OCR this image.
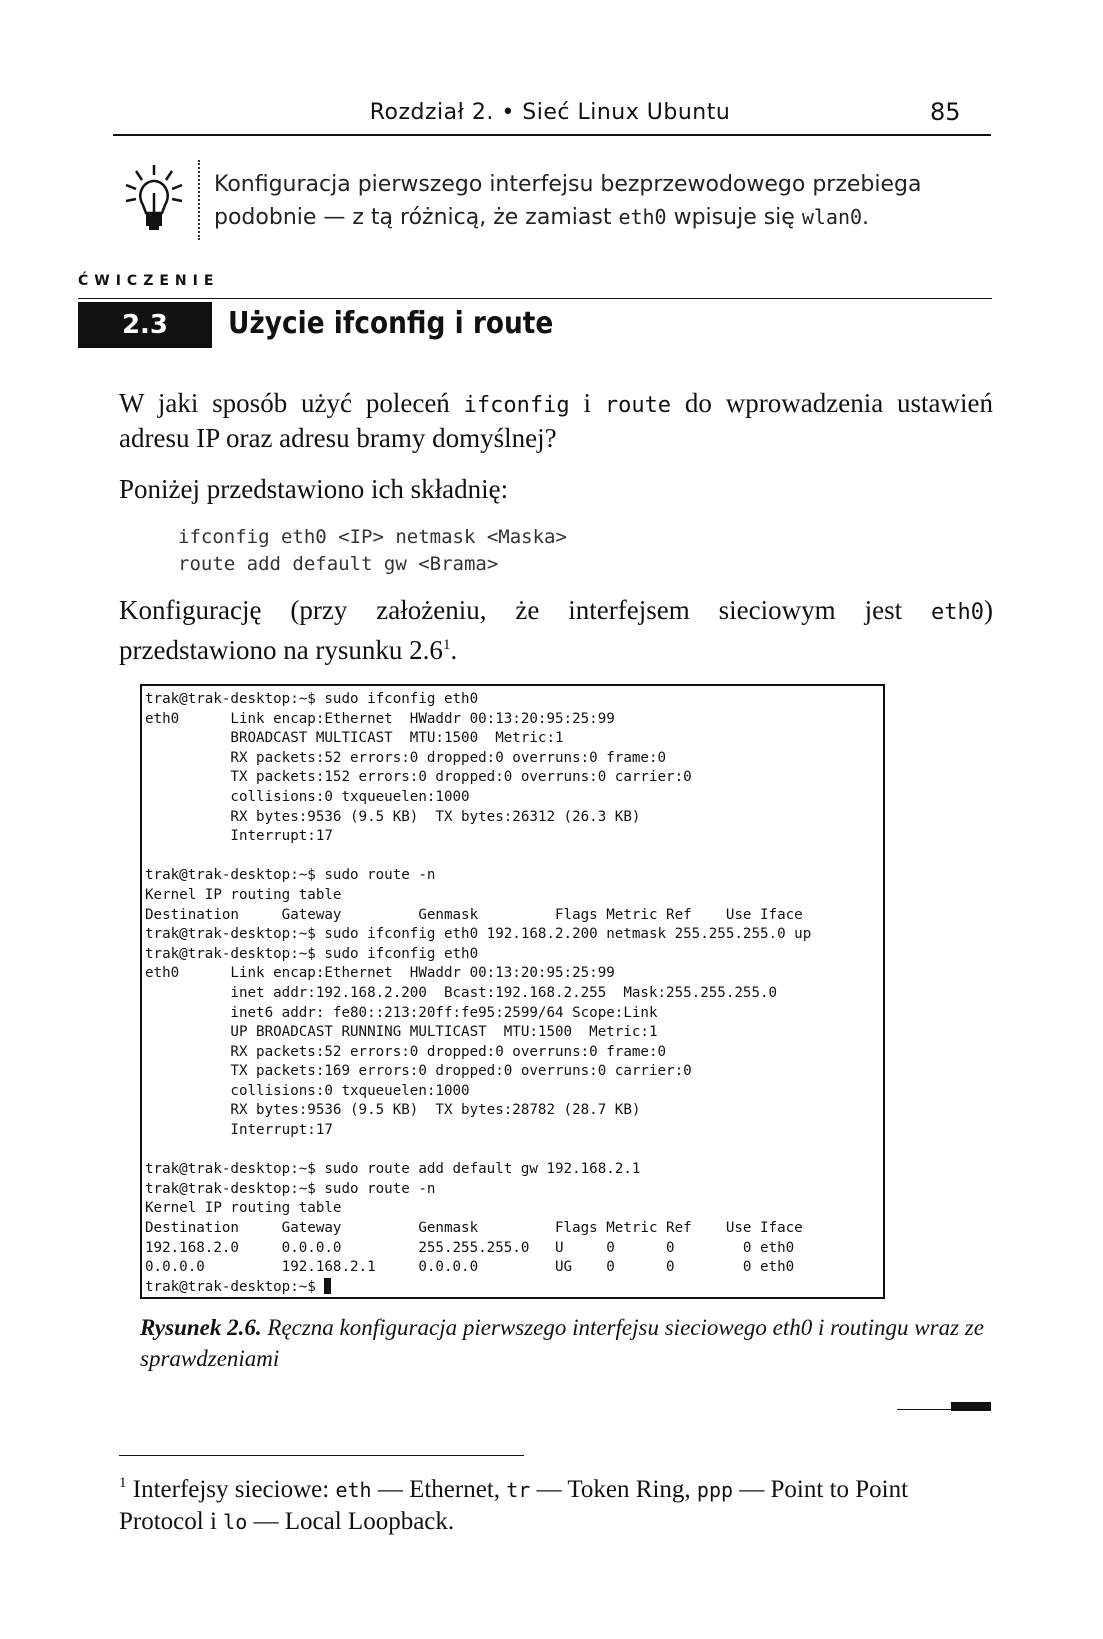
Rozdział 2. • Sieć Linux Ubuntu	85
Konfiguracja pierwszego interfejsu bezprzewodowego przebiega podobnie — z tą różnicą, że zamiast eth0 wpisuje się wlan0.
ĆWICZENIE
2.3	Użycie ifconfig i route
W jaki sposób użyć poleceń ifconfig i route do wprowadzenia ustawień adresu IP oraz adresu bramy domyślnej?
Poniżej przedstawiono ich składnię:
ifconfig eth0 <IP> netmask <Maska>
route add default gw <Brama>
Konfigurację (przy założeniu, że interfejsem sieciowym jest eth0) przedstawiono na rysunku $2.6^1$.
trak@trak-desktop:~$ sudo ifconfig eth0
eth0      Link encap:Ethernet  HWaddr 00:13:20:95:25:99
BROADCAST MULTICAST  MTU:1500  Metric:1
RX packets:52 errors:0 dropped:0 overruns:0 frame:0
TX packets:152 errors:0 dropped:0 overruns:0 carrier:0
collisions:0 txqueuelen:1000
RX bytes:9536 (9.5 KB)  TX bytes:26312 (26.3 KB)
Interrupt:17

trak@trak-desktop:~$ sudo route -n
Kernel IP routing table
Destination     Gateway         Genmask         Flags Metric Ref    Use Iface
trak@trak-desktop:~$ sudo ifconfig eth0 192.168.2.200 netmask 255.255.255.0 up
trak@trak-desktop:~$ sudo ifconfig eth0
eth0      Link encap:Ethernet  HWaddr 00:13:20:95:25:99
inet addr:192.168.2.200  Bcast:192.168.2.255  Mask:255.255.255.0
inet6 addr: fe80::213:20ff:fe95:2599/64 Scope:Link
UP BROADCAST RUNNING MULTICAST  MTU:1500  Metric:1
RX packets:52 errors:0 dropped:0 overruns:0 frame:0
TX packets:169 errors:0 dropped:0 overruns:0 carrier:0
collisions:0 txqueuelen:1000
RX bytes:9536 (9.5 KB)  TX bytes:28782 (28.7 KB)
Interrupt:17

trak@trak-desktop:~$ sudo route add default gw 192.168.2.1
trak@trak-desktop:~$ sudo route -n
Kernel IP routing table
Destination     Gateway         Genmask         Flags Metric Ref    Use Iface
192.168.2.0     0.0.0.0         255.255.255.0   U     0      0        0 eth0
0.0.0.0         192.168.2.1     0.0.0.0         UG    0      0        0 eth0
trak@trak-desktop:~$
Rysunek 2.6. Ręczna konfiguracja pierwszego interfejsu sieciowego eth0 i routingu wraz ze sprawdzeniami
$^1$ Interfejsy sieciowe: eth — Ethernet, tr — Token Ring, ppp — Point to Point Protocol i lo — Local Loopback.
